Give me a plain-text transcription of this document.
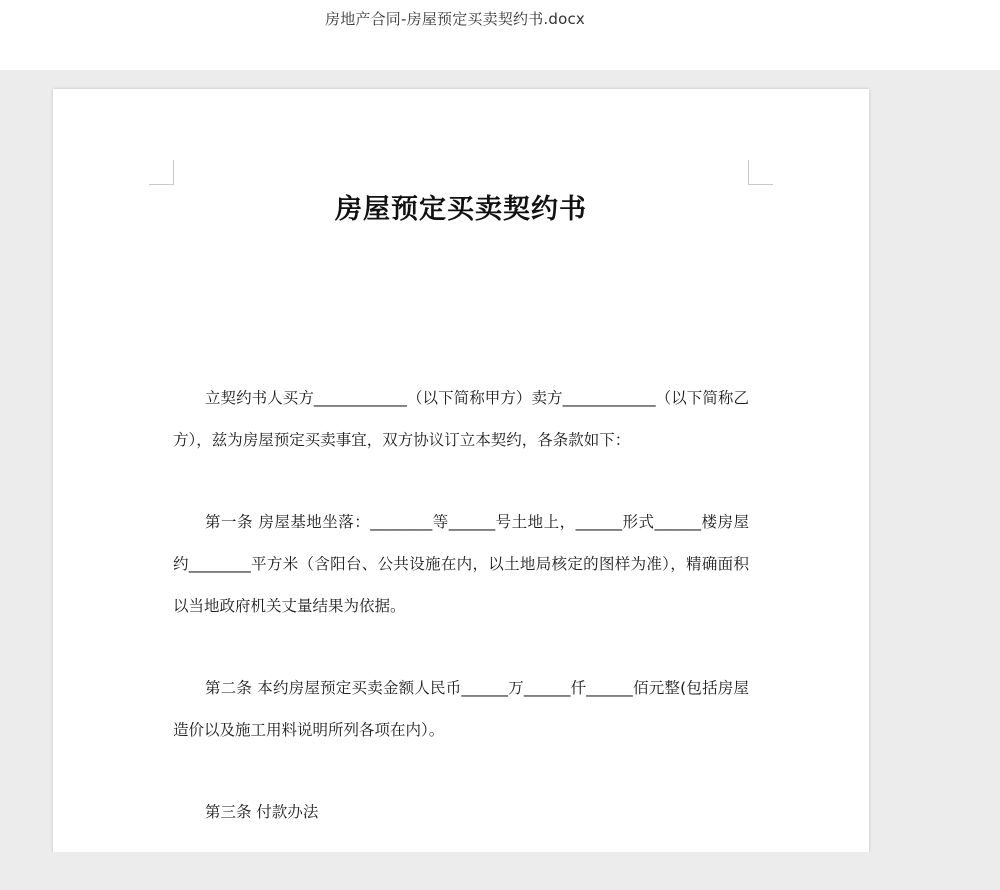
房地产合同-房屋预定买卖契约书.docx
房屋预定买卖契约书

立契约书人买方____________（以下简称甲方）卖方____________（以下简称乙方），兹为房屋预定买卖事宜，双方协议订立本契约，各条款如下：

第一条 房屋基地坐落：________等______号土地上，______形式______楼房屋约________平方米（含阳台、公共设施在内，以土地局核定的图样为准），精确面积以当地政府机关丈量结果为依据。

第二条 本约房屋预定买卖金额人民币______万______仟______佰元整(包括房屋造价以及施工用料说明所列各项在内）。

第三条 付款办法
